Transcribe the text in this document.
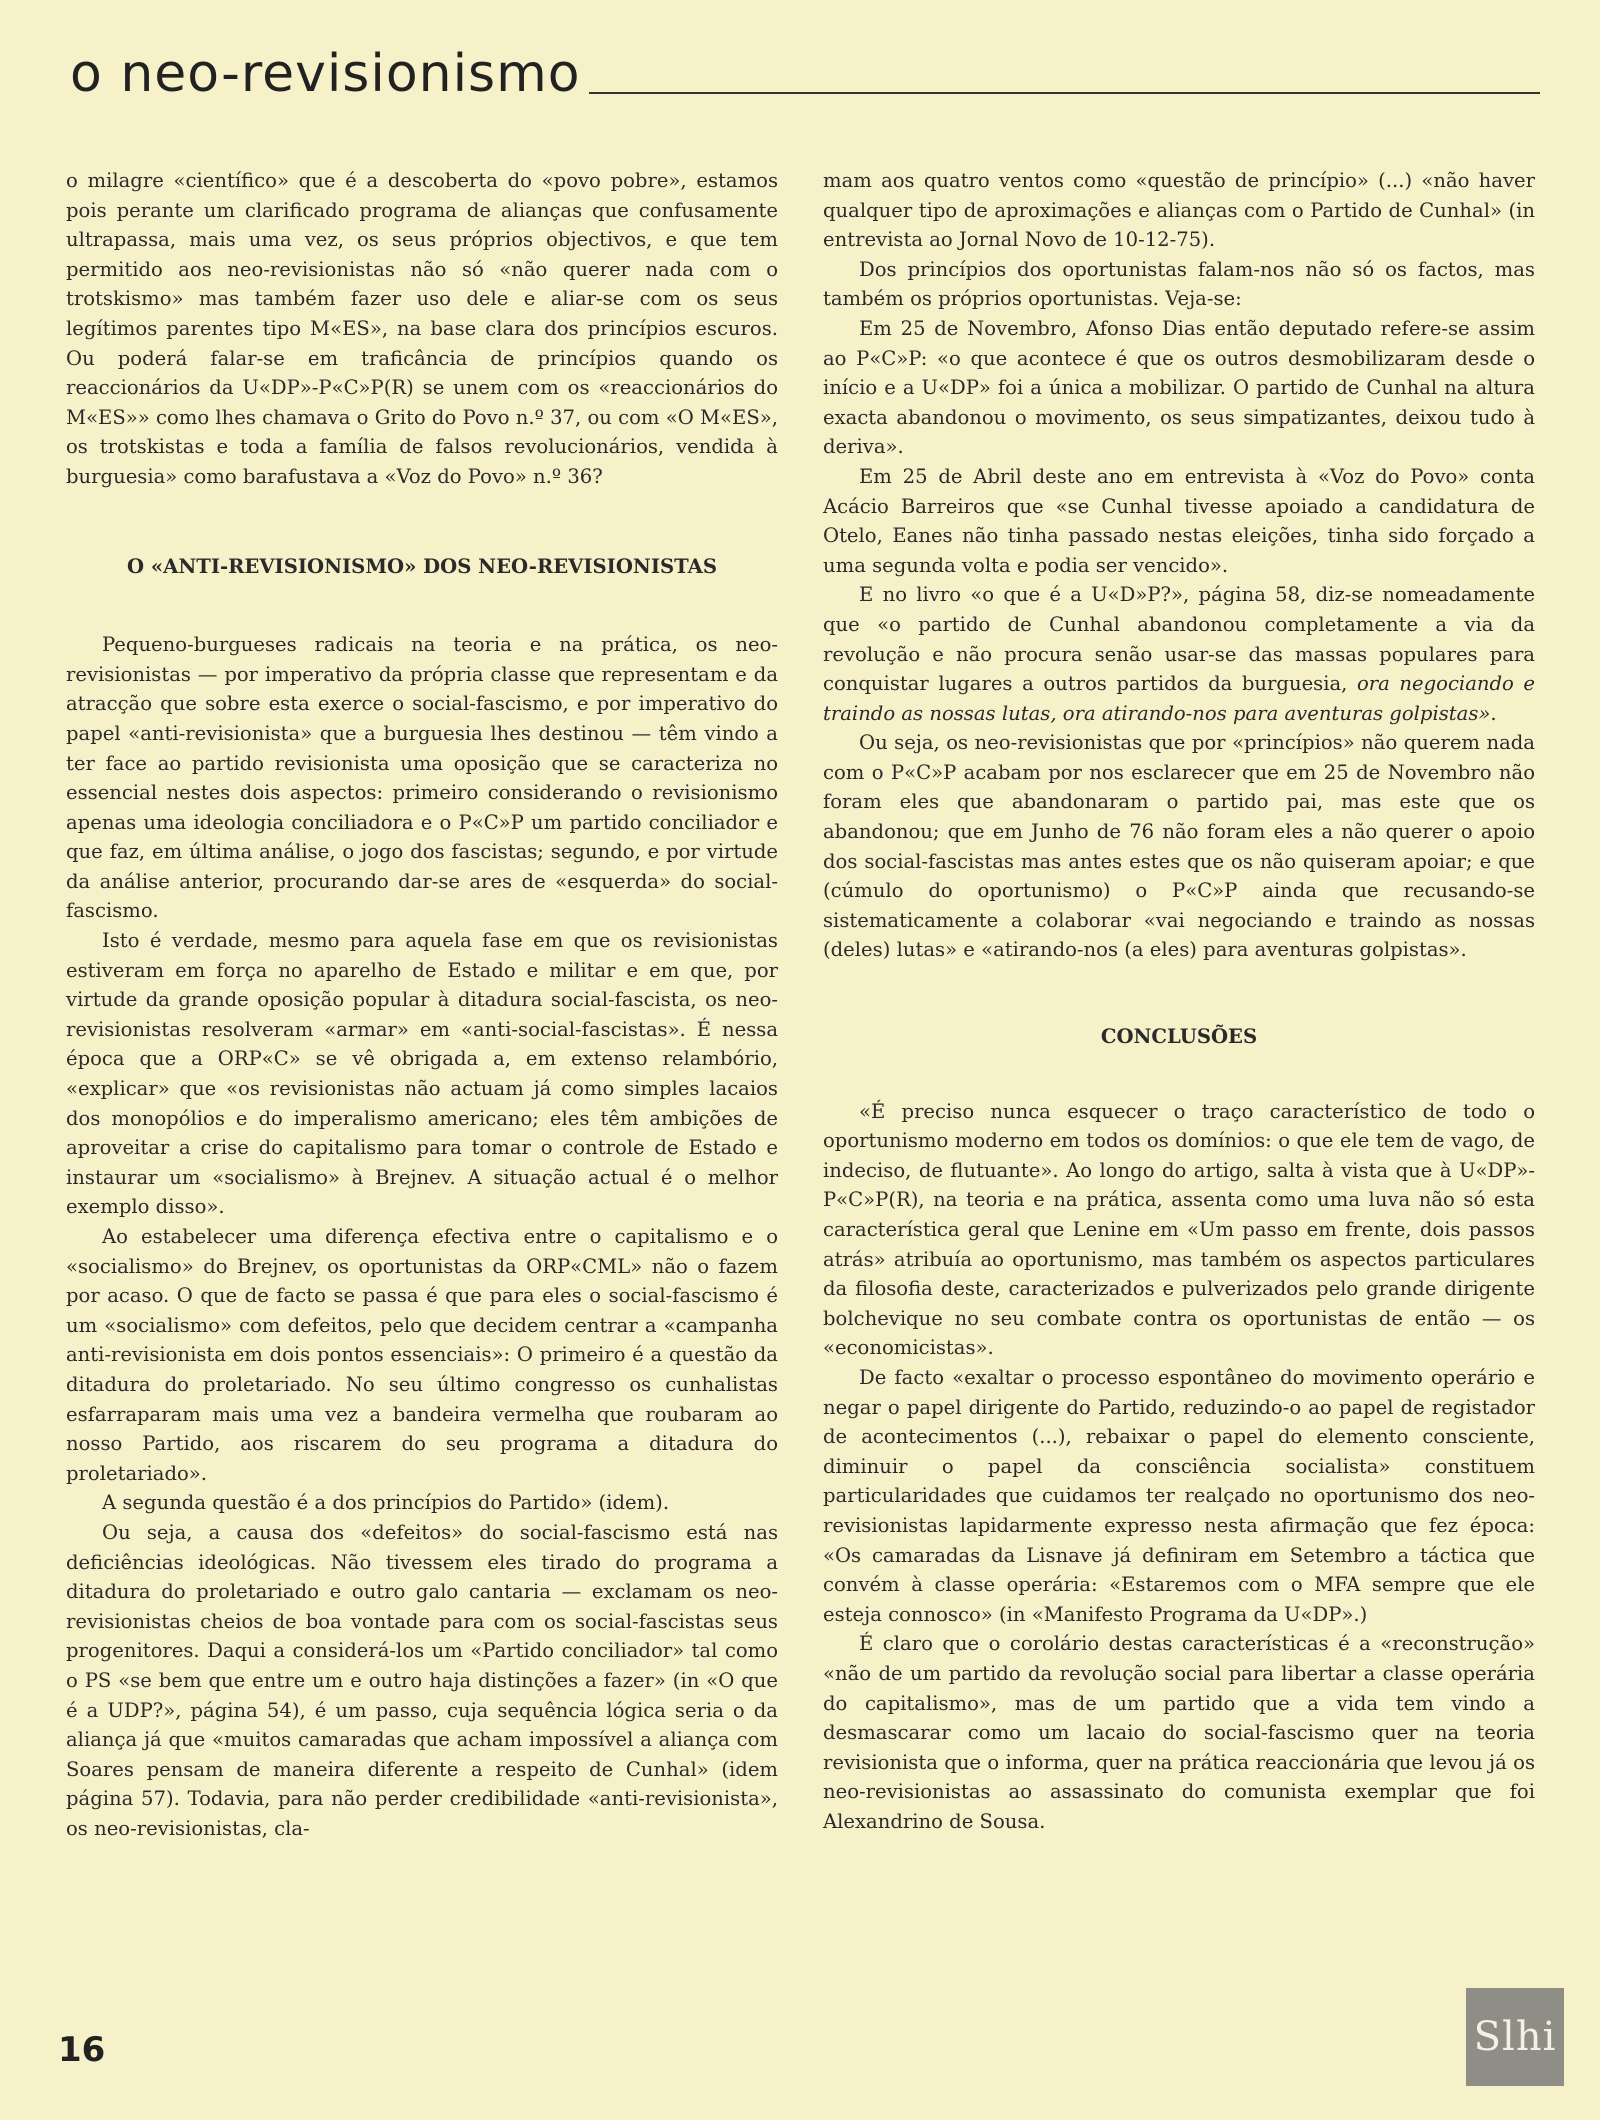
o neo-revisionismo

o milagre «científico» que é a descoberta do «povo pobre», estamos pois perante um clarificado programa de alianças que confusamente ultrapassa, mais uma vez, os seus próprios objectivos, e que tem permitido aos neo-revisionistas não só «não querer nada com o trotskismo» mas também fazer uso dele e aliar-se com os seus legítimos parentes tipo M«ES», na base clara dos princípios escuros. Ou poderá falar-se em traficância de princípios quando os reaccionários da U«DP»-P«C»P(R) se unem com os «reaccionários do M«ES»» como lhes chamava o Grito do Povo n.º 37, ou com «O M«ES», os trotskistas e toda a família de falsos revolucionários, vendida à burguesia» como barafustava a «Voz do Povo» n.º 36?

O «ANTI-REVISIONISMO» DOS NEO-REVISIONISTAS

Pequeno-burgueses radicais na teoria e na prática, os neo-revisionistas — por imperativo da própria classe que representam e da atracção que sobre esta exerce o social-fascismo, e por imperativo do papel «anti-revisionista» que a burguesia lhes destinou — têm vindo a ter face ao partido revisionista uma oposição que se caracteriza no essencial nestes dois aspectos: primeiro considerando o revisionismo apenas uma ideologia conciliadora e o P«C»P um partido conciliador e que faz, em última análise, o jogo dos fascistas; segundo, e por virtude da análise anterior, procurando dar-se ares de «esquerda» do social-fascismo.

Isto é verdade, mesmo para aquela fase em que os revisionistas estiveram em força no aparelho de Estado e militar e em que, por virtude da grande oposição popular à ditadura social-fascista, os neo-revisionistas resolveram «armar» em «anti-social-fascistas». É nessa época que a ORP«C» se vê obrigada a, em extenso relambório, «explicar» que «os revisionistas não actuam já como simples lacaios dos monopólios e do imperalismo americano; eles têm ambições de aproveitar a crise do capitalismo para tomar o controle de Estado e instaurar um «socialismo» à Brejnev. A situação actual é o melhor exemplo disso».

Ao estabelecer uma diferença efectiva entre o capitalismo e o «socialismo» do Brejnev, os oportunistas da ORP«CML» não o fazem por acaso. O que de facto se passa é que para eles o social-fascismo é um «socialismo» com defeitos, pelo que decidem centrar a «campanha anti-revisionista em dois pontos essenciais»: O primeiro é a questão da ditadura do proletariado. No seu último congresso os cunhalistas esfarraparam mais uma vez a bandeira vermelha que roubaram ao nosso Partido, aos riscarem do seu programa a ditadura do proletariado».

A segunda questão é a dos princípios do Partido» (idem).

Ou seja, a causa dos «defeitos» do social-fascismo está nas deficiências ideológicas. Não tivessem eles tirado do programa a ditadura do proletariado e outro galo cantaria — exclamam os neo-revisionistas cheios de boa vontade para com os social-fascistas seus progenitores. Daqui a considerá-los um «Partido conciliador» tal como o PS «se bem que entre um e outro haja distinções a fazer» (in «O que é a UDP?», página 54), é um passo, cuja sequência lógica seria o da aliança já que «muitos camaradas que acham impossível a aliança com Soares pensam de maneira diferente a respeito de Cunhal» (idem página 57). Todavia, para não perder credibilidade «anti-revisionista», os neo-revisionistas, cla-

mam aos quatro ventos como «questão de princípio» (...) «não haver qualquer tipo de aproximações e alianças com o Partido de Cunhal» (in entrevista ao Jornal Novo de 10-12-75).

Dos princípios dos oportunistas falam-nos não só os factos, mas também os próprios oportunistas. Veja-se:

Em 25 de Novembro, Afonso Dias então deputado refere-se assim ao P«C»P: «o que acontece é que os outros desmobilizaram desde o início e a U«DP» foi a única a mobilizar. O partido de Cunhal na altura exacta abandonou o movimento, os seus simpatizantes, deixou tudo à deriva».

Em 25 de Abril deste ano em entrevista à «Voz do Povo» conta Acácio Barreiros que «se Cunhal tivesse apoiado a candidatura de Otelo, Eanes não tinha passado nestas eleições, tinha sido forçado a uma segunda volta e podia ser vencido».

E no livro «o que é a U«D»P?», página 58, diz-se nomeadamente que «o partido de Cunhal abandonou completamente a via da revolução e não procura senão usar-se das massas populares para conquistar lugares a outros partidos da burguesia, ora negociando e traindo as nossas lutas, ora atirando-nos para aventuras golpistas».

Ou seja, os neo-revisionistas que por «princípios» não querem nada com o P«C»P acabam por nos esclarecer que em 25 de Novembro não foram eles que abandonaram o partido pai, mas este que os abandonou; que em Junho de 76 não foram eles a não querer o apoio dos social-fascistas mas antes estes que os não quiseram apoiar; e que (cúmulo do oportunismo) o P«C»P ainda que recusando-se sistematicamente a colaborar «vai negociando e traindo as nossas (deles) lutas» e «atirando-nos (a eles) para aventuras golpistas».

CONCLUSÕES

«É preciso nunca esquecer o traço característico de todo o oportunismo moderno em todos os domínios: o que ele tem de vago, de indeciso, de flutuante». Ao longo do artigo, salta à vista que à U«DP»-P«C»P(R), na teoria e na prática, assenta como uma luva não só esta característica geral que Lenine em «Um passo em frente, dois passos atrás» atribuía ao oportunismo, mas também os aspectos particulares da filosofia deste, caracterizados e pulverizados pelo grande dirigente bolchevique no seu combate contra os oportunistas de então — os «economicistas».

De facto «exaltar o processo espontâneo do movimento operário e negar o papel dirigente do Partido, reduzindo-o ao papel de registador de acontecimentos (...), rebaixar o papel do elemento consciente, diminuir o papel da consciência socialista» constituem particularidades que cuidamos ter realçado no oportunismo dos neo-revisionistas lapidarmente expresso nesta afirmação que fez época: «Os camaradas da Lisnave já definiram em Setembro a táctica que convém à classe operária: «Estaremos com o MFA sempre que ele esteja connosco» (in «Manifesto Programa da U«DP».)

É claro que o corolário destas características é a «reconstrução» «não de um partido da revolução social para libertar a classe operária do capitalismo», mas de um partido que a vida tem vindo a desmascarar como um lacaio do social-fascismo quer na teoria revisionista que o informa, quer na prática reaccionária que levou já os neo-revisionistas ao assassinato do comunista exemplar que foi Alexandrino de Sousa.

16	Slhi
